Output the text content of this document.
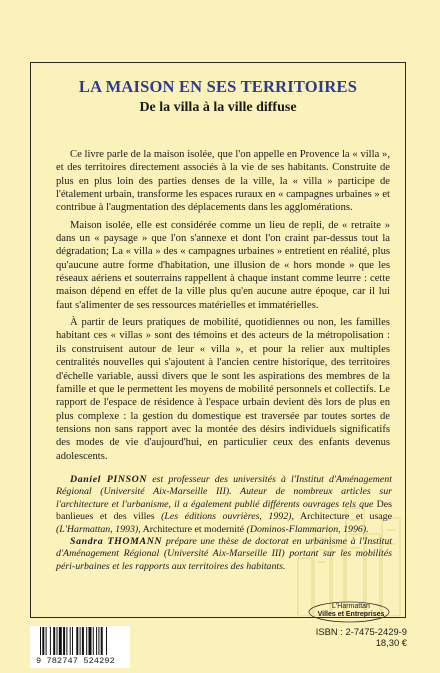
LA MAISON EN SES TERRITOIRES
De la villa à la ville diffuse

Ce livre parle de la maison isolée, que l'on appelle en Provence la « villa », et des territoires directement associés à la vie de ses habitants. Construite de plus en plus loin des parties denses de la ville, la « villa » participe de l'étalement urbain, transforme les espaces ruraux en « campagnes urbaines » et contribue à l'augmentation des déplacements dans les agglomérations.

Maison isolée, elle est considérée comme un lieu de repli, de « retraite » dans un « paysage » que l'on s'annexe et dont l'on craint par-dessus tout la dégradation; La « villa » des « campagnes urbaines » entretient en réalité, plus qu'aucune autre forme d'habitation, une illusion de « hors monde » que les réseaux aériens et souterrains rappellent à chaque instant comme leurre : cette maison dépend en effet de la ville plus qu'en aucune autre époque, car il lui faut s'alimenter de ses ressources matérielles et immatérielles.

À partir de leurs pratiques de mobilité, quotidiennes ou non, les familles habitant ces « villas » sont des témoins et des acteurs de la métropolisation : ils construisent autour de leur « villa », et pour la relier aux multiples centralités nouvelles qui s'ajoutent à l'ancien centre historique, des territoires d'échelle variable, aussi divers que le sont les aspirations des membres de la famille et que le permettent les moyens de mobilité personnels et collectifs. Le rapport de l'espace de résidence à l'espace urbain devient dès lors de plus en plus complexe : la gestion du domestique est traversée par toutes sortes de tensions non sans rapport avec la montée des désirs individuels significatifs des modes de vie d'aujourd'hui, en particulier ceux des enfants devenus adolescents.

Daniel PINSON est professeur des universités à l'Institut d'Aménagement Régional (Université Aix-Marseille III). Auteur de nombreux articles sur l'architecture et l'urbanisme, il a également publié différents ouvrages tels que Des banlieues et des villes (Les éditions ouvrières, 1992), Architecture et usage (L'Harmattan, 1993), Architecture et modernité (Dominos-Flammarion, 1996).

Sandra THOMANN prépare une thèse de doctorat en urbanisme à l'Institut d'Aménagement Régional (Université Aix-Marseille III) portant sur les mobilités péri-urbaines et les rapports aux territoires des habitants.

L'Harmattan
Villes et Entreprises
9 782747 524292
ISBN : 2-7475-2429-9
18,30 €
